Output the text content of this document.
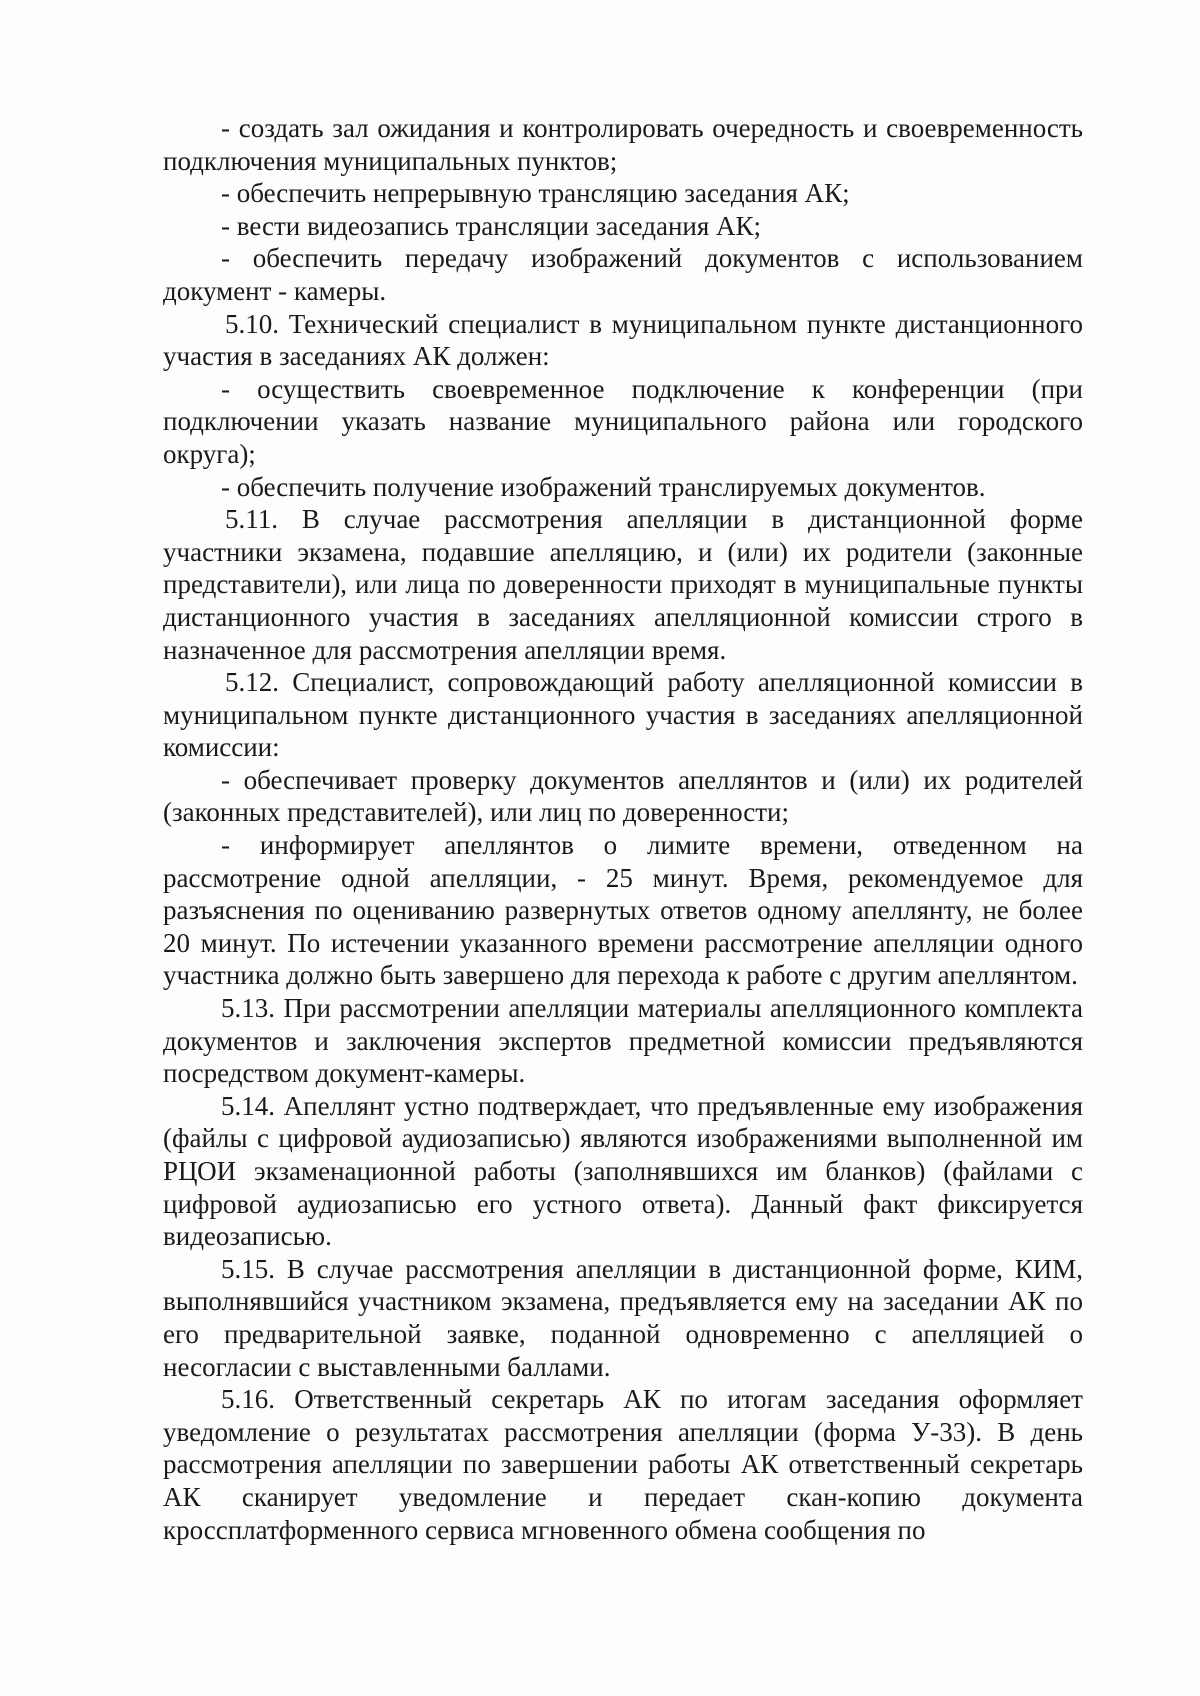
- создать зал ожидания и контролировать очередность и своевременность подключения муниципальных пунктов;

- обеспечить непрерывную трансляцию заседания АК;

- вести видеозапись трансляции заседания АК;

- обеспечить передачу изображений документов с использованием документ - камеры.

5.10. Технический специалист в муниципальном пункте дистанционного участия в заседаниях АК должен:

- осуществить своевременное подключение к конференции (при подключении указать название муниципального района или городского округа);

- обеспечить получение изображений транслируемых документов.

5.11. В случае рассмотрения апелляции в дистанционной форме участники экзамена, подавшие апелляцию, и (или) их родители (законные представители), или лица по доверенности приходят в муниципальные пункты дистанционного участия в заседаниях апелляционной комиссии строго в назначенное для рассмотрения апелляции время.

5.12. Специалист, сопровождающий работу апелляционной комиссии в муниципальном пункте дистанционного участия в заседаниях апелляционной комиссии:

- обеспечивает проверку документов апеллянтов и (или) их родителей (законных представителей), или лиц по доверенности;

- информирует апеллянтов о лимите времени, отведенном на рассмотрение одной апелляции, - 25 минут. Время, рекомендуемое для разъяснения по оцениванию развернутых ответов одному апеллянту, не более 20 минут. По истечении указанного времени рассмотрение апелляции одного участника должно быть завершено для перехода к работе с другим апеллянтом.

5.13. При рассмотрении апелляции материалы апелляционного комплекта документов и заключения экспертов предметной комиссии предъявляются посредством документ-камеры.

5.14. Апеллянт устно подтверждает, что предъявленные ему изображения (файлы с цифровой аудиозаписью) являются изображениями выполненной им РЦОИ экзаменационной работы (заполнявшихся им бланков) (файлами с цифровой аудиозаписью его устного ответа). Данный факт фиксируется видеозаписью.

5.15. В случае рассмотрения апелляции в дистанционной форме, КИМ, выполнявшийся участником экзамена, предъявляется ему на заседании АК по его предварительной заявке, поданной одновременно с апелляцией о несогласии с выставленными баллами.

5.16. Ответственный секретарь АК по итогам заседания оформляет уведомление о результатах рассмотрения апелляции (форма У-33). В день рассмотрения апелляции по завершении работы АК ответственный секретарь АК сканирует уведомление и передает скан-копию документа кроссплатформенного сервиса мгновенного обмена сообщения по
